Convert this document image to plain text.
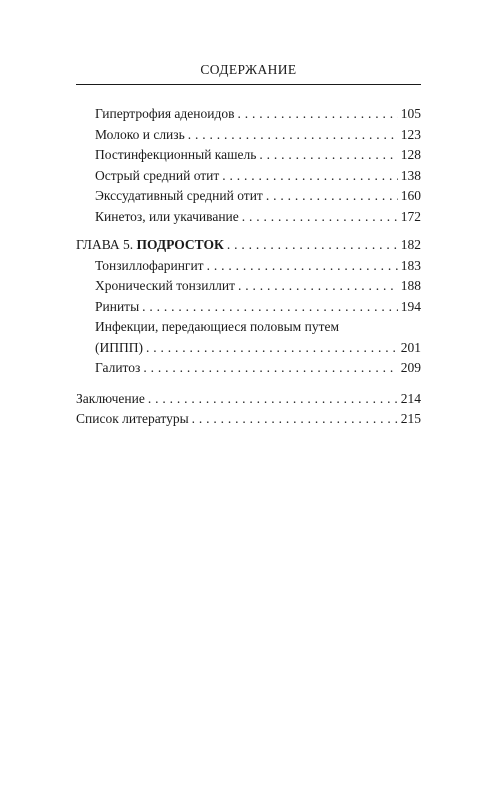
СОДЕРЖАНИЕ
Гипертрофия аденоидов . . .	105
Молоко и слизь . . .	123
Постинфекционный кашель . . .	128
Острый средний отит . . .	138
Экссудативный средний отит . . .	160
Кинетоз, или укачивание . . .	172
ГЛАВА 5. ПОДРОСТОК . . .	182
Тонзиллофарингит . . .	183
Хронический тонзиллит . . .	188
Риниты . . .	194
Инфекции, передающиеся половым путем
(ИППП) . . .	201
Галитоз . . .	209
Заключение . . .	214
Список литературы . . .	215
